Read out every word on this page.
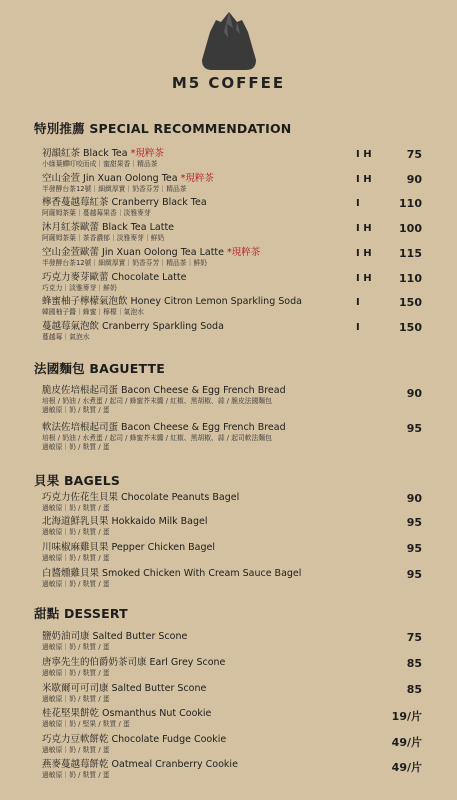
M5 COFFEE
特別推薦 SPECIAL RECOMMENDATION
初韻紅茶 Black Tea *現粹茶
小綠葉蟬叮咬而成｜蜜甜果香｜精品茶
I H	75
空山金萱 Jin Xuan Oolong Tea *現粹茶
半發酵台茶12號｜細緻厚實｜奶香芬芳｜精品茶
I H	90
檸香蔓越莓紅茶 Cranberry Black Tea
阿薩姆茶葉｜蔓越莓果香｜淡雅麥芽
I	110
沐月紅茶歐蕾 Black Tea Latte
阿薩姆茶葉｜茶香濃郁｜淡雅麥芽｜鮮奶
I H 100
空山金萱歐蕾 Jin Xuan Oolong Tea Latte *現粹茶
半發酵台茶12號｜細緻厚實｜奶香芬芳｜精品茶｜鮮奶
I H 115
巧克力麥芽歐蕾 Chocolate Latte
巧克力｜淡雅麥芽｜鮮奶
I H 110
蜂蜜柚子檸檬氣泡飲 Honey Citron Lemon Sparkling Soda
韓國柚子醬｜蜂蜜｜檸檬｜氣泡水
I	150
蔓越莓氣泡飲 Cranberry Sparkling Soda
蔓越莓｜氣泡水
I	150
法國麵包 BAGUETTE
脆皮佐培根起司蛋 Bacon Cheese & Egg French Bread
培根 / 奶油 / 水煮蛋 / 起司 / 蜂蜜芥末醬 / 紅椒、黑胡椒、蒜 / 脆皮法國麵包
過敏原｜奶 / 麩質 / 蛋
90
軟法佐培根起司蛋 Bacon Cheese & Egg French Bread
培根 / 奶油 / 水煮蛋 / 起司 / 蜂蜜芥末醬 / 紅椒、黑胡椒、蒜 / 起司軟法麵包
過敏原｜奶 / 麩質 / 蛋
95
貝果 BAGELS
巧克力佐花生貝果 Chocolate Peanuts Bagel
過敏原｜奶 / 麩質 / 蛋
90
北海道鮮乳貝果 Hokkaido Milk Bagel
過敏原｜奶 / 麩質 / 蛋
95
川味椒麻雞貝果 Pepper Chicken Bagel
過敏原｜奶 / 麩質 / 蛋
95
白醬燻雞貝果 Smoked Chicken With Cream Sauce Bagel
過敏原｜奶 / 麩質 / 蛋
95
甜點 DESSERT
鹽奶油司康 Salted Butter Scone
過敏原｜奶 / 麩質 / 蛋
75
唐寧先生的伯爵奶茶司康 Earl Grey Scone
過敏原｜奶 / 麩質 / 蛋
85
米歇爾可可司康 Salted Butter Scone
過敏原｜奶 / 麩質 / 蛋
85
桂花堅果餅乾 Osmanthus Nut Cookie
過敏原｜奶 / 堅果 / 麩質 / 蛋
19/片
巧克力豆軟餅乾 Chocolate Fudge Cookie
過敏原｜奶 / 麩質 / 蛋
49/片
燕麥蔓越莓餅乾 Oatmeal Cranberry Cookie
過敏原｜奶 / 麩質 / 蛋
49/片
